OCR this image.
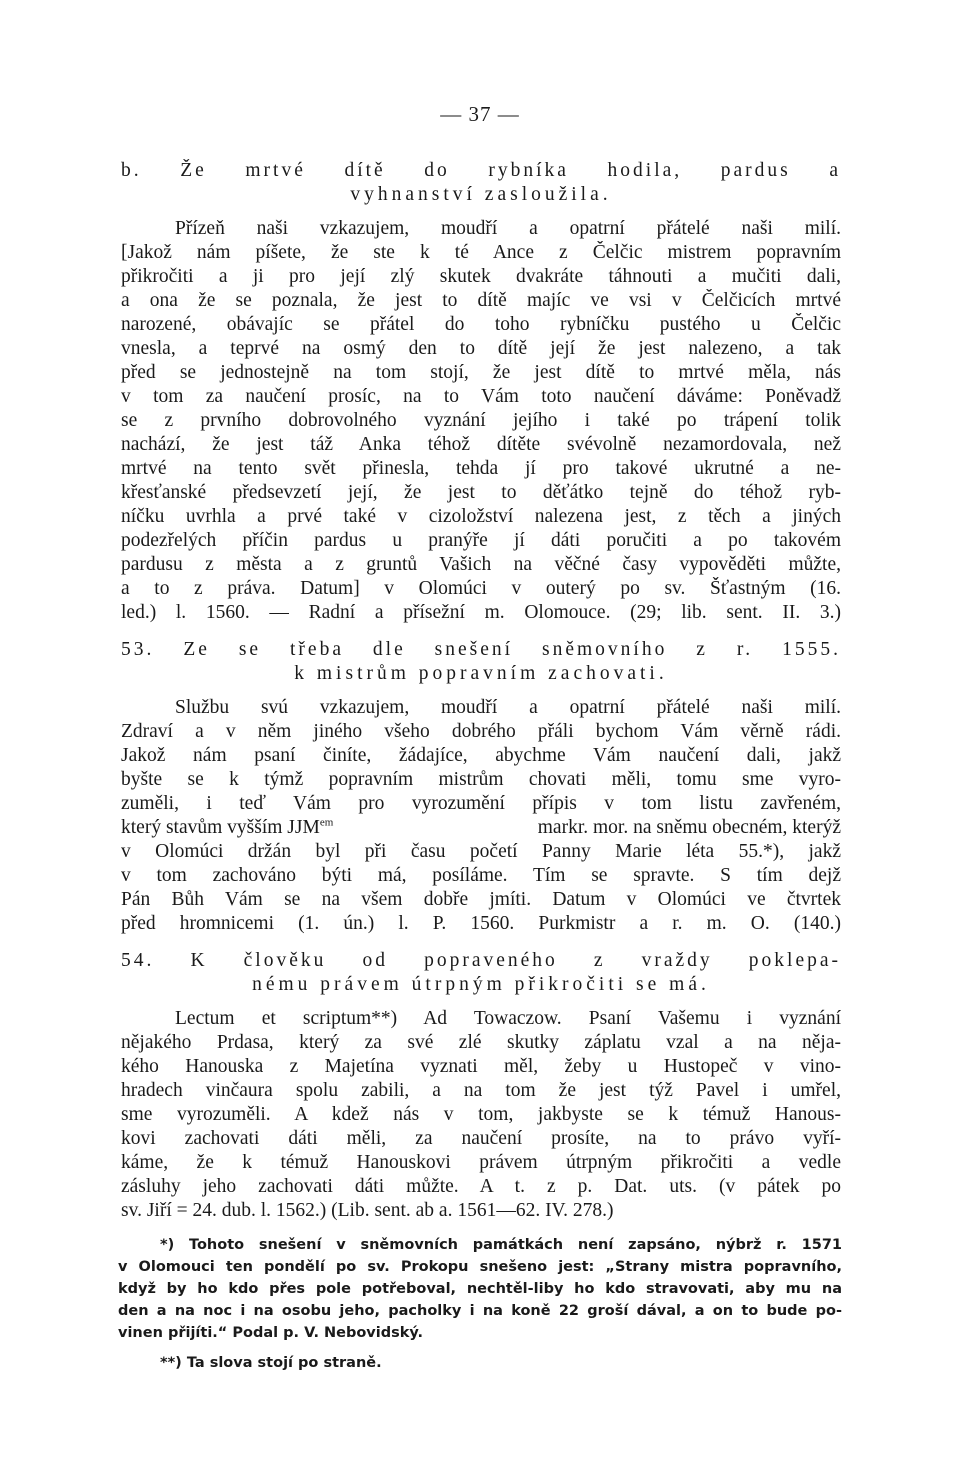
— 37 —
b. Že mrtvé dítě do rybníka hodila, pardus a
vyhnanství zasloužila.
Přízeň naši vzkazujem, moudří a opatrní přátelé naši milí.
[Jakož nám píšete, že ste k té Ance z Čelčic mistrem popravním
přikročiti a ji pro její zlý skutek dvakráte táhnouti a mučiti dali,
a ona že se poznala, že jest to dítě majíc ve vsi v Čelčicích mrtvé
narozené, obávajíc se přátel do toho rybníčku pustého u Čelčic
vnesla, a teprvé na osmý den to dítě její že jest nalezeno, a tak
před se jednostejně na tom stojí, že jest dítě to mrtvé měla, nás
v tom za naučení prosíc, na to Vám toto naučení dáváme: Poněvadž
se z prvního dobrovolného vyznání jejího i také po trápení tolik
nachází, že jest táž Anka téhož dítěte svévolně nezamordovala, než
mrtvé na tento svět přinesla, tehda jí pro takové ukrutné a ne-
křesťanské předsevzetí její, že jest to děťátko tejně do téhož ryb-
níčku uvrhla a prvé také v cizoložství nalezena jest, z těch a jiných
podezřelých příčin pardus u pranýře jí dáti poručiti a po takovém
pardusu z města a z gruntů Vašich na věčné časy vypověděti můžte,
a to z práva. Datum] v Olomúci v outerý po sv. Šťastným (16.
led.) l. 1560. — Radní a přísežní m. Olomouce. (29; lib. sent. II. 3.)
53. Ze se třeba dle snešení sněmovního z r. 1555.
k mistrům popravním zachovati.
Službu svú vzkazujem, moudří a opatrní přátelé naši milí.
Zdraví a v něm jiného všeho dobrého přáli bychom Vám věrně rádi.
Jakož nám psaní činíte, žádajíce, abychme Vám naučení dali, jakž
byšte se k týmž popravním mistrům chovati měli, tomu sme vyro-
zuměli, i teď Vám pro vyrozumění přípis v tom listu zavřeném,
který stavům vyšším $JJM^{em}$	markr. mor. na sněmu obecném, kterýž
v Olomúci držán byl při času početí Panny Marie léta 55.*), jakž
v tom zachováno býti má, posíláme. Tím se spravte. S tím dejž
Pán Bůh Vám se na všem dobře jmíti. Datum v Olomúci ve čtvrtek
před hromnicemi (1. ún.) l. P. 1560. Purkmistr a r. m. O. (140.)
54. K člověku od popraveného z vraždy poklepa-
nému právem útrpným přikročiti se má.
Lectum et scriptum**) Ad Towaczow. Psaní Vašemu i vyznání
nějakého Prdasa, který za své zlé skutky záplatu vzal a na něja-
kého Hanouska z Majetína vyznati měl, žeby u Hustopeč v vino-
hradech vinčaura spolu zabili, a na tom že jest týž Pavel i umřel,
sme vyrozuměli. A kdež nás v tom, jakbyste se k témuž Hanous-
kovi zachovati dáti měli, za naučení prosíte, na to právo vyří-
káme, že k témuž Hanouskovi právem útrpným přikročiti a vedle
zásluhy jeho zachovati dáti můžte. A t. z p. Dat. uts. (v pátek po
sv. Jiří = 24. dub. l. 1562.) (Lib. sent. ab a. 1561—62. IV. 278.)
*) Tohoto snešení v sněmovních památkách není zapsáno, nýbrž r. 1571
v Olomouci ten pondělí po sv. Prokopu snešeno jest: „Strany mistra popravního,
když by ho kdo přes pole potřeboval, nechtěl-liby ho kdo stravovati, aby mu na
den a na noc i na osobu jeho, pacholky i na koně 22 groší dával, a on to bude po-
vinen přijíti.“ Podal p. V. Nebovidský.
**) Ta slova stojí po straně.
